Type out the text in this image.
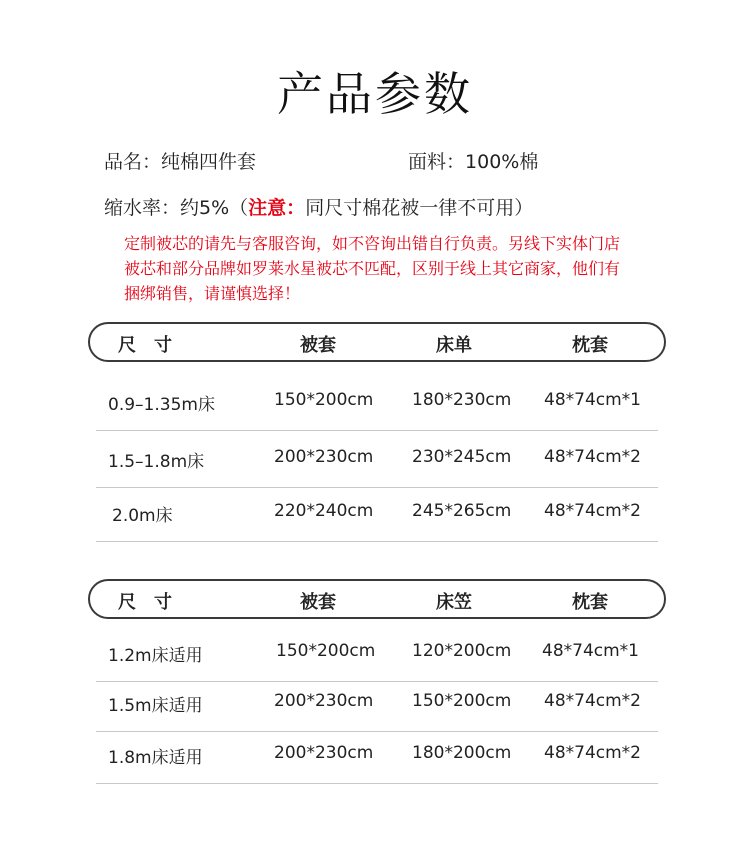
产品参数
品名：纯棉四件套	面料：100%棉
缩水率：约5%（注意：同尺寸棉花被一律不可用）
定制被芯的请先与客服咨询，如不咨询出错自行负责。另线下实体门店被芯和部分品牌如罗莱水星被芯不匹配，区别于线上其它商家，他们有捆绑销售，请谨慎选择！
尺　寸	被套	床单	枕套
0.9–1.35m床	150*200cm 180*230cm 48*74cm*1
1.5–1.8m床	200*230cm 230*245cm 48*74cm*2
2.0m床	220*240cm 245*265cm 48*74cm*2
尺　寸	被套	床笠	枕套
1.2m床适用	150*200cm 120*200cm 48*74cm*1
1.5m床适用	200*230cm 150*200cm 48*74cm*2
1.8m床适用	200*230cm 180*200cm 48*74cm*2
